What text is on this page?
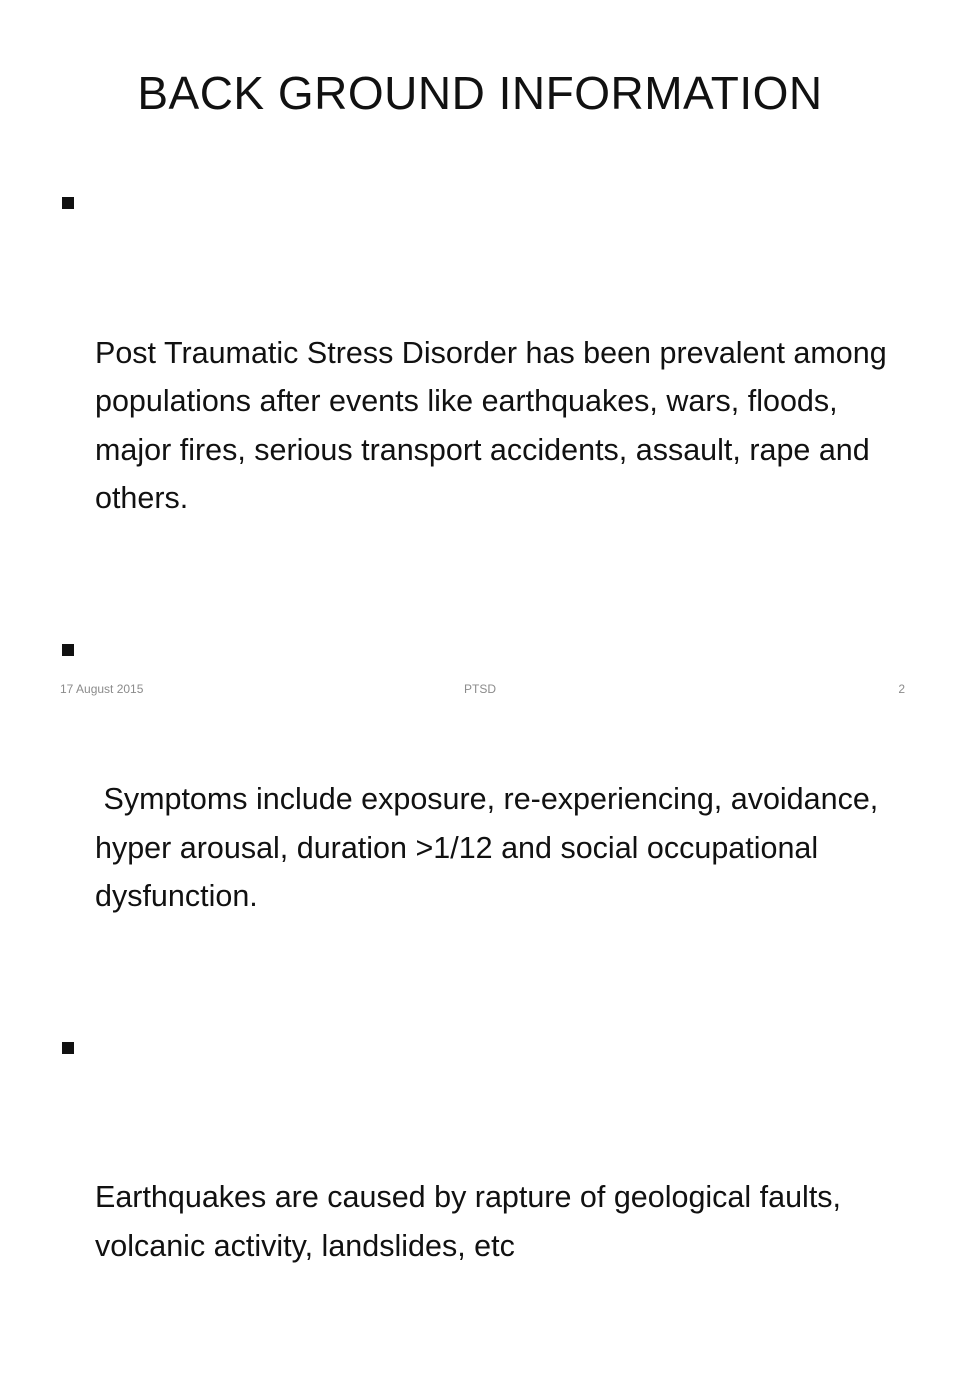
BACK GROUND INFORMATION

Post Traumatic Stress Disorder has been prevalent among populations after events like earthquakes, wars, floods, major fires, serious transport accidents, assault, rape and others.

Symptoms include exposure, re-experiencing, avoidance, hyper arousal, duration >1/12 and social occupational dysfunction.

Earthquakes are caused by rapture of geological faults, volcanic activity, landslides, etc

17 August 2015	PTSD	2
